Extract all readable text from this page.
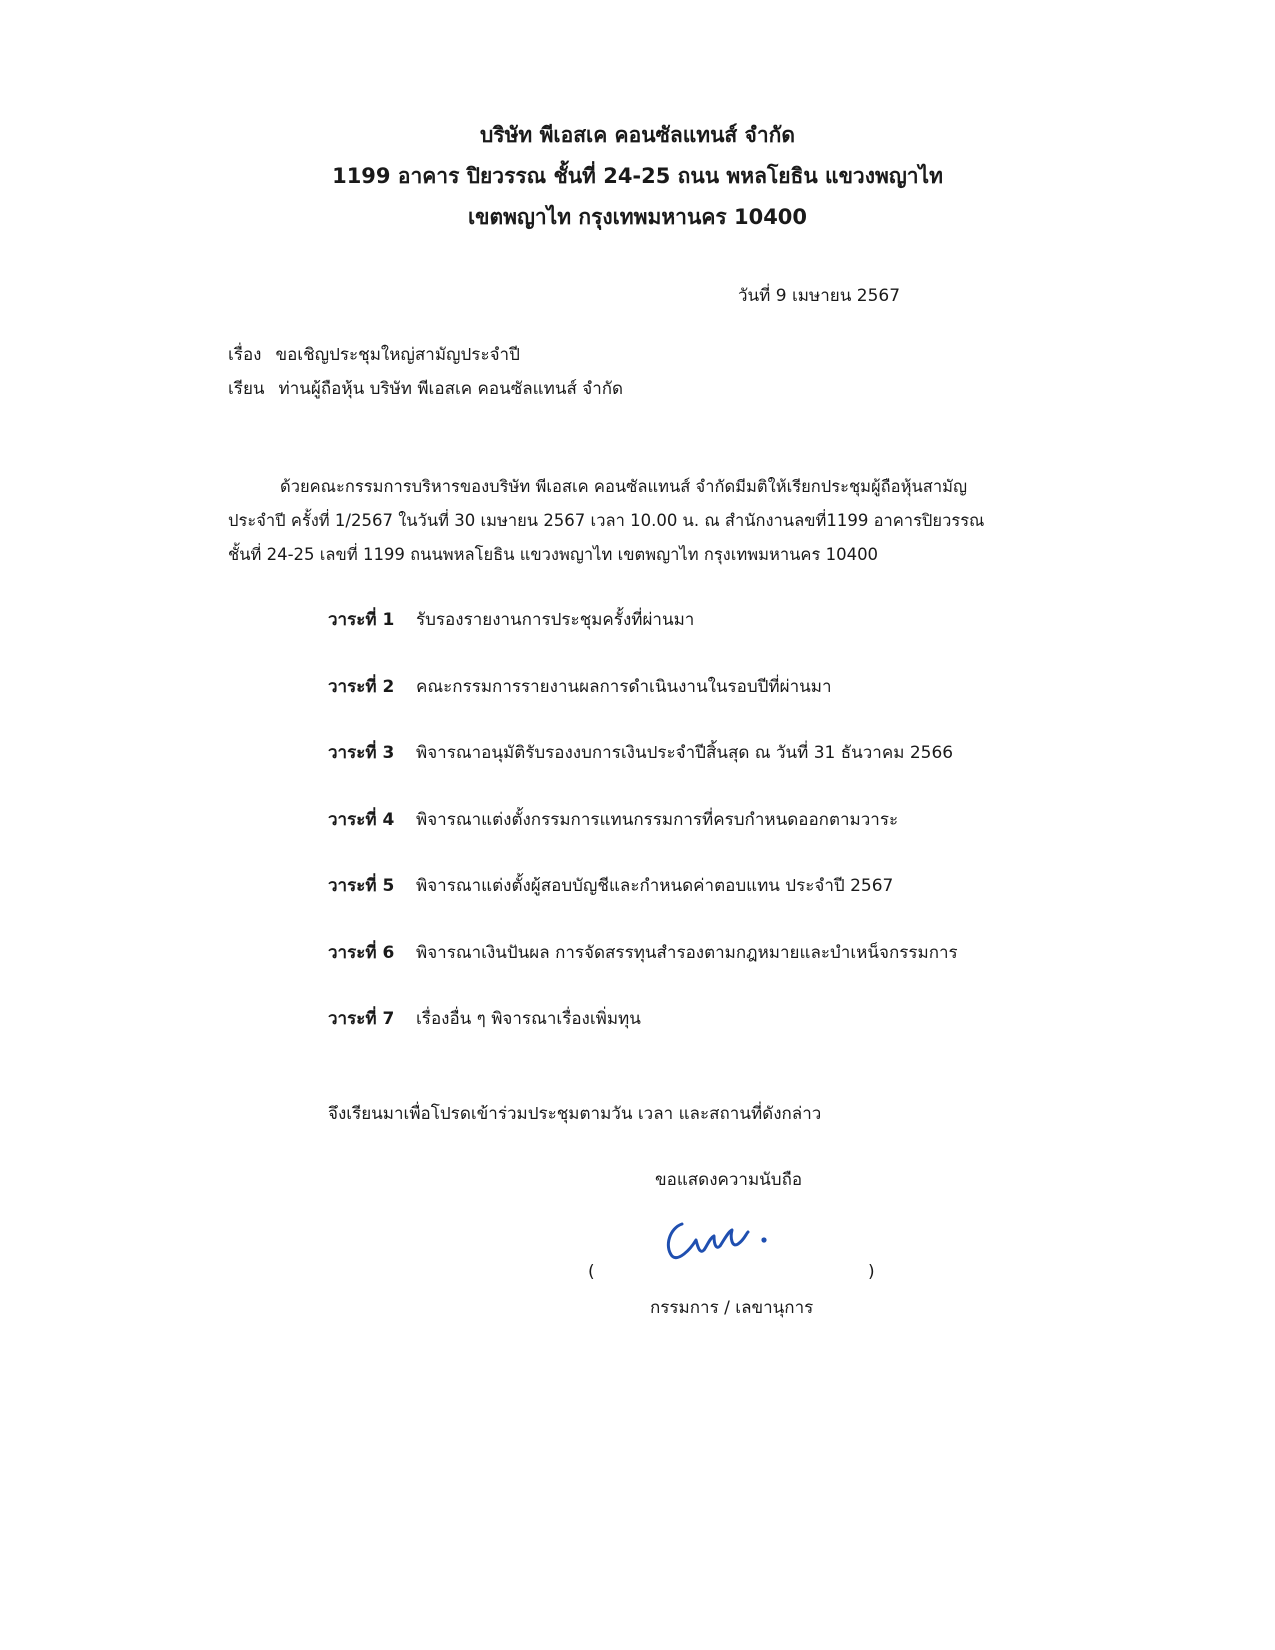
บริษัท พีเอสเค คอนซัลแทนส์ จำกัด
1199 อาคาร ปิยวรรณ ชั้นที่ 24-25 ถนน พหลโยธิน แขวงพญาไท
เขตพญาไท กรุงเทพมหานคร 10400
วันที่ 9 เมษายน 2567
เรื่อง ขอเชิญประชุมใหญ่สามัญประจำปี
เรียน ท่านผู้ถือหุ้น บริษัท พีเอสเค คอนซัลแทนส์ จำกัด
ด้วยคณะกรรมการบริหารของบริษัท พีเอสเค คอนซัลแทนส์ จำกัดมีมติให้เรียกประชุมผู้ถือหุ้นสามัญ
ประจำปี ครั้งที่ 1/2567 ในวันที่ 30 เมษายน 2567 เวลา 10.00 น. ณ สำนักงานลขที่1199 อาคารปิยวรรณ
ชั้นที่ 24-25 เลขที่ 1199 ถนนพหลโยธิน แขวงพญาไท เขตพญาไท กรุงเทพมหานคร 10400
วาระที่ 1 รับรองรายงานการประชุมครั้งที่ผ่านมา
วาระที่ 2 คณะกรรมการรายงานผลการดำเนินงานในรอบปีที่ผ่านมา
วาระที่ 3 พิจารณาอนุมัติรับรองงบการเงินประจำปีสิ้นสุด ณ วันที่ 31 ธันวาคม 2566
วาระที่ 4 พิจารณาแต่งตั้งกรรมการแทนกรรมการที่ครบกำหนดออกตามวาระ
วาระที่ 5 พิจารณาแต่งตั้งผู้สอบบัญชีและกำหนดค่าตอบแทน ประจำปี 2567
วาระที่ 6 พิจารณาเงินปันผล การจัดสรรทุนสำรองตามกฎหมายและบำเหน็จกรรมการ
วาระที่ 7 เรื่องอื่น ๆ พิจารณาเรื่องเพิ่มทุน
จึงเรียนมาเพื่อโปรดเข้าร่วมประชุมตามวัน เวลา และสถานที่ดังกล่าว
ขอแสดงความนับถือ
(	)
กรรมการ / เลขานุการ
